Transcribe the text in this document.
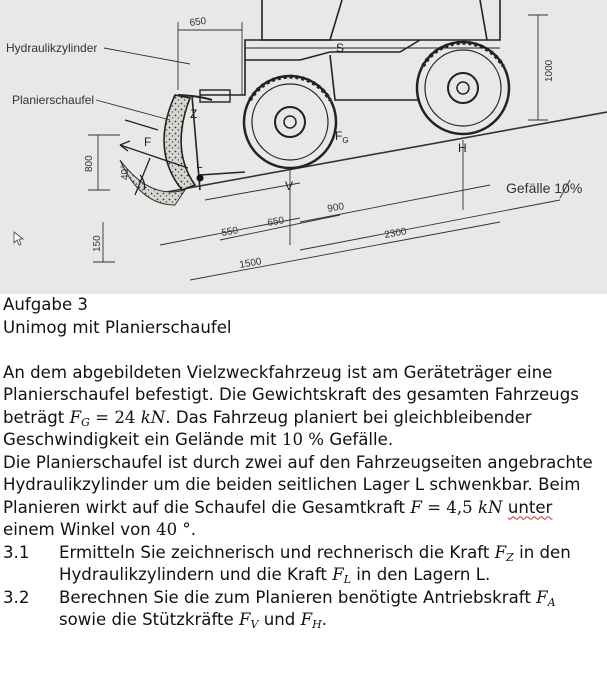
Hydraulikzylinder
Planierschaufel
Gefälle 10%
Z
F
L
S
$F_G$
V
H
650
1000
800
40°
150
550
650
900
2300
1500

Aufgabe 3

Unimog mit Planierschaufel

An dem abgebildeten Vielzweckfahrzeug ist am Geräteträger eine Planierschaufel befestigt. Die Gewichtskraft des gesamten Fahrzeugs beträgt $F_G = 24$ kN. Das Fahrzeug planiert bei gleichbleibender Geschwindigkeit ein Gelände mit 10 % Gefälle.

Die Planierschaufel ist durch zwei auf den Fahrzeugseiten angebrachte Hydraulikzylinder um die beiden seitlichen Lager L schwenkbar. Beim Planieren wirkt auf die Schaufel die Gesamtkraft F = 4,5 kN unter einem Winkel von 40 °.

3.1	Ermitteln Sie zeichnerisch und rechnerisch die Kraft $F_Z$ in den Hydraulikzylindern und die Kraft $F_L$ in den Lagern L.
3.2	Berechnen Sie die zum Planieren benötigte Antriebskraft $F_A$ sowie die Stützkräfte $F_V$ und $F_H$.
